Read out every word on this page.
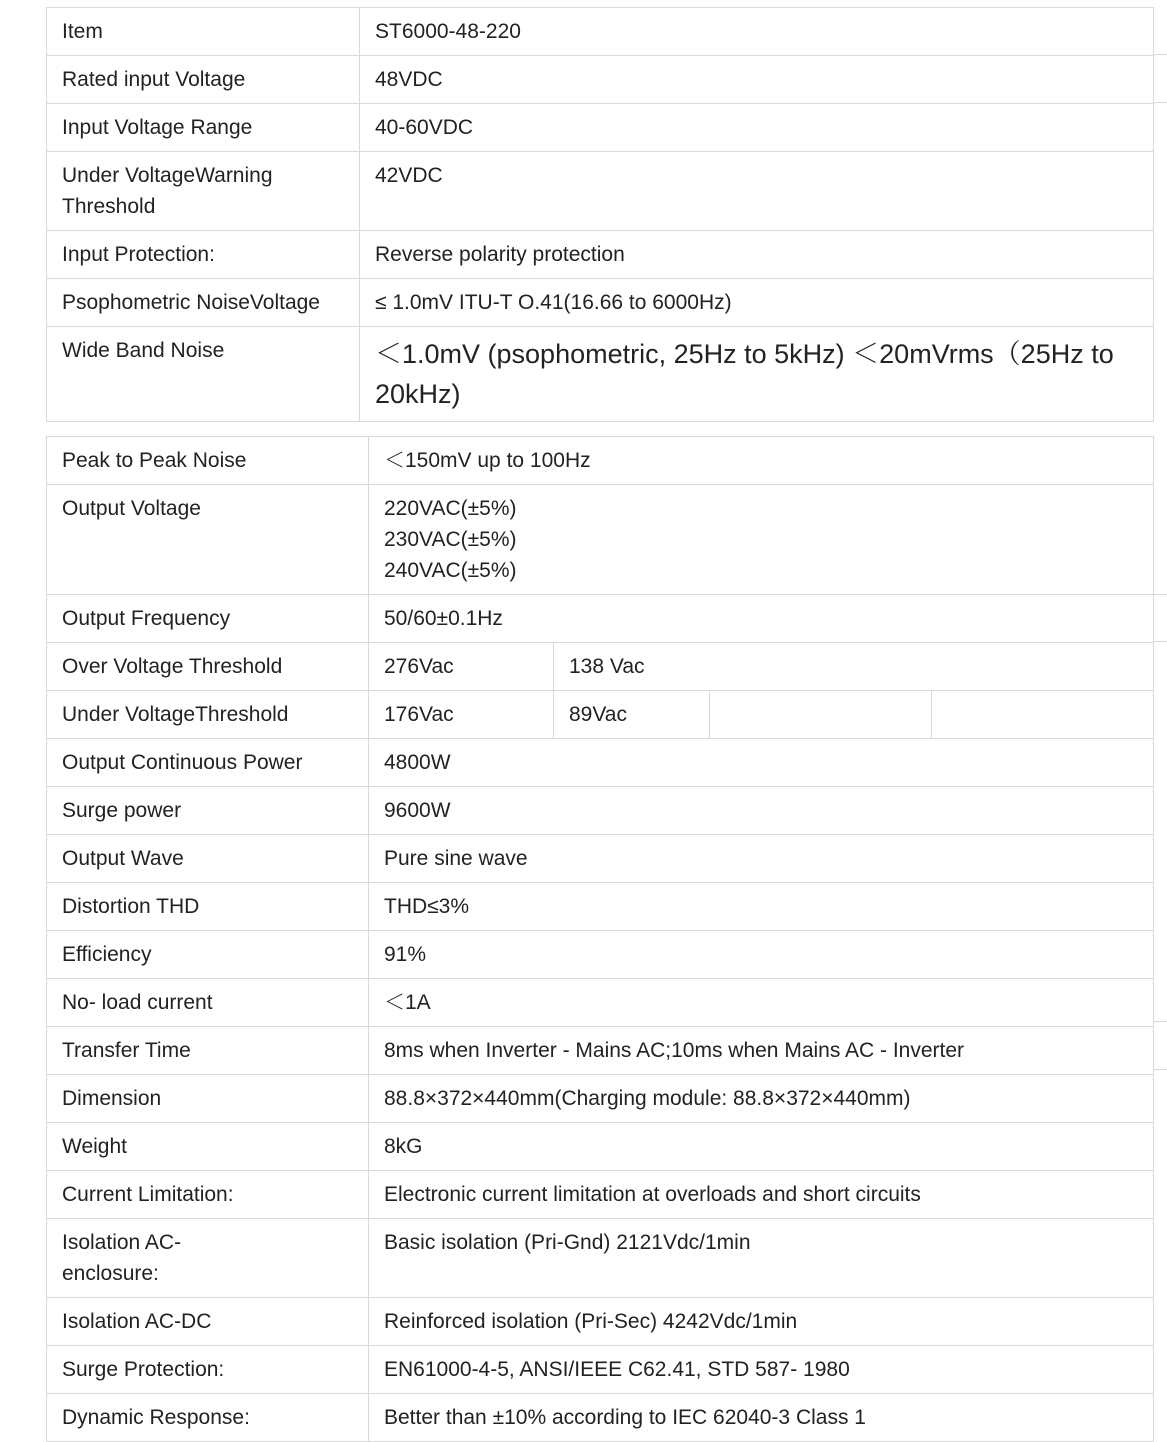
Item	ST6000-48-220
Rated input Voltage	48VDC
Input Voltage Range	40-60VDC
Under VoltageWarning Threshold	42VDC
Input Protection:	Reverse polarity protection
Psophometric NoiseVoltage	≤ 1.0mV ITU-T O.41(16.66 to 6000Hz)
Wide Band Noise	＜1.0mV (psophometric, 25Hz to 5kHz) ＜20mVrms（25Hz to 20kHz)
Peak to Peak Noise	＜150mV up to 100Hz			
Output Voltage	220VAC(±5%)
230VAC(±5%)
240VAC(±5%)			

Output Frequency	50/60±0.1Hz			
Over Voltage Threshold	276Vac	138 Vac		
Under VoltageThreshold	176Vac	89Vac		
Output Continuous Power	4800W			
Surge power	9600W			
Output Wave	Pure sine wave			
Distortion THD	THD≤3%			
Efficiency	91%			
No- load current	＜1A			
Transfer Time	8ms when Inverter - Mains AC;10ms when Mains AC - Inverter			
Dimension	88.8×372×440mm(Charging module: 88.8×372×440mm)			
Weight	8kG			
Current Limitation:	Electronic current limitation at overloads and short circuits			
Isolation AC-enclosure:	Basic isolation (Pri-Gnd) 2121Vdc/1min			
Isolation AC-DC	Reinforced isolation (Pri-Sec) 4242Vdc/1min			
Surge Protection:	EN61000-4-5, ANSI/IEEE C62.41, STD 587- 1980			
Dynamic Response:	Better than ±10% according to IEC 62040-3 Class 1			
